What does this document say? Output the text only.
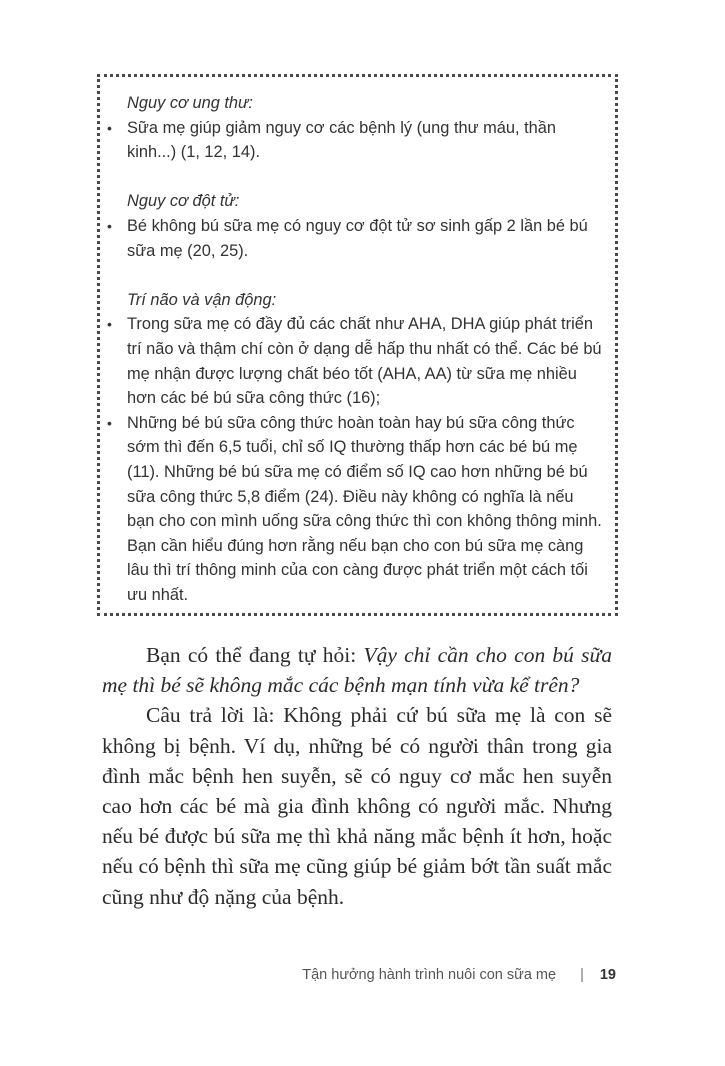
Nguy cơ ung thư:

• Sữa mẹ giúp giảm nguy cơ các bệnh lý (ung thư máu, thần kinh...) (1, 12, 14).

Nguy cơ đột tử:

• Bé không bú sữa mẹ có nguy cơ đột tử sơ sinh gấp 2 lần bé bú sữa mẹ (20, 25).

Trí não và vận động:

• Trong sữa mẹ có đầy đủ các chất như AHA, DHA giúp phát triển trí não và thậm chí còn ở dạng dễ hấp thu nhất có thể. Các bé bú mẹ nhận được lượng chất béo tốt (AHA, AA) từ sữa mẹ nhiều hơn các bé bú sữa công thức (16);

• Những bé bú sữa công thức hoàn toàn hay bú sữa công thức sớm thì đến 6,5 tuổi, chỉ số IQ thường thấp hơn các bé bú mẹ (11). Những bé bú sữa mẹ có điểm số IQ cao hơn những bé bú sữa công thức 5,8 điểm (24). Điều này không có nghĩa là nếu bạn cho con mình uống sữa công thức thì con không thông minh. Bạn cần hiểu đúng hơn rằng nếu bạn cho con bú sữa mẹ càng lâu thì trí thông minh của con càng được phát triển một cách tối ưu nhất.

Bạn có thể đang tự hỏi: Vậy chỉ cần cho con bú sữa mẹ thì bé sẽ không mắc các bệnh mạn tính vừa kể trên?

Câu trả lời là: Không phải cứ bú sữa mẹ là con sẽ không bị bệnh. Ví dụ, những bé có người thân trong gia đình mắc bệnh hen suyễn, sẽ có nguy cơ mắc hen suyễn cao hơn các bé mà gia đình không có người mắc. Nhưng nếu bé được bú sữa mẹ thì khả năng mắc bệnh ít hơn, hoặc nếu có bệnh thì sữa mẹ cũng giúp bé giảm bớt tần suất mắc cũng như độ nặng của bệnh.

Tận hưởng hành trình nuôi con sữa mẹ | 19
